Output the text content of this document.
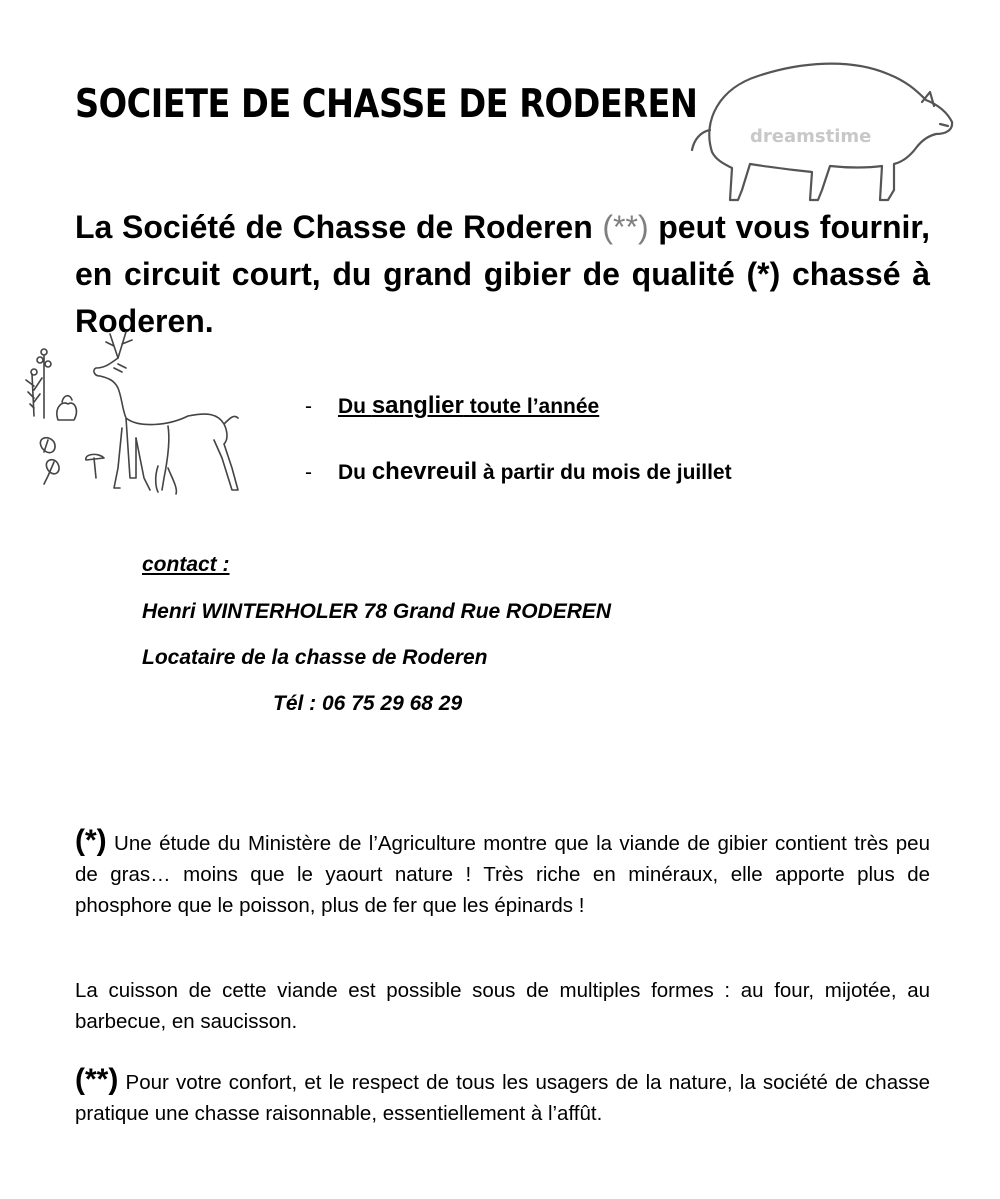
SOCIETE DE CHASSE DE RODEREN
dreamstime

La Société de Chasse de Roderen (**) peut vous fournir, en circuit court, du grand gibier de qualité (*) chassé à Roderen.

- Du sanglier toute l’année
- Du chevreuil à partir du mois de juillet
contact :
Henri WINTERHOLER 78 Grand Rue RODEREN
Locataire de la chasse de Roderen
Tél : 06 75 29 68 29

(*) Une étude du Ministère de l’Agriculture montre que la viande de gibier contient très peu de gras… moins que le yaourt nature ! Très riche en minéraux, elle apporte plus de phosphore que le poisson, plus de fer que les épinards !

La cuisson de cette viande est possible sous de multiples formes : au four, mijotée, au barbecue, en saucisson.

(**) Pour votre confort, et le respect de tous les usagers de la nature, la société de chasse pratique une chasse raisonnable, essentiellement à l’affût.
